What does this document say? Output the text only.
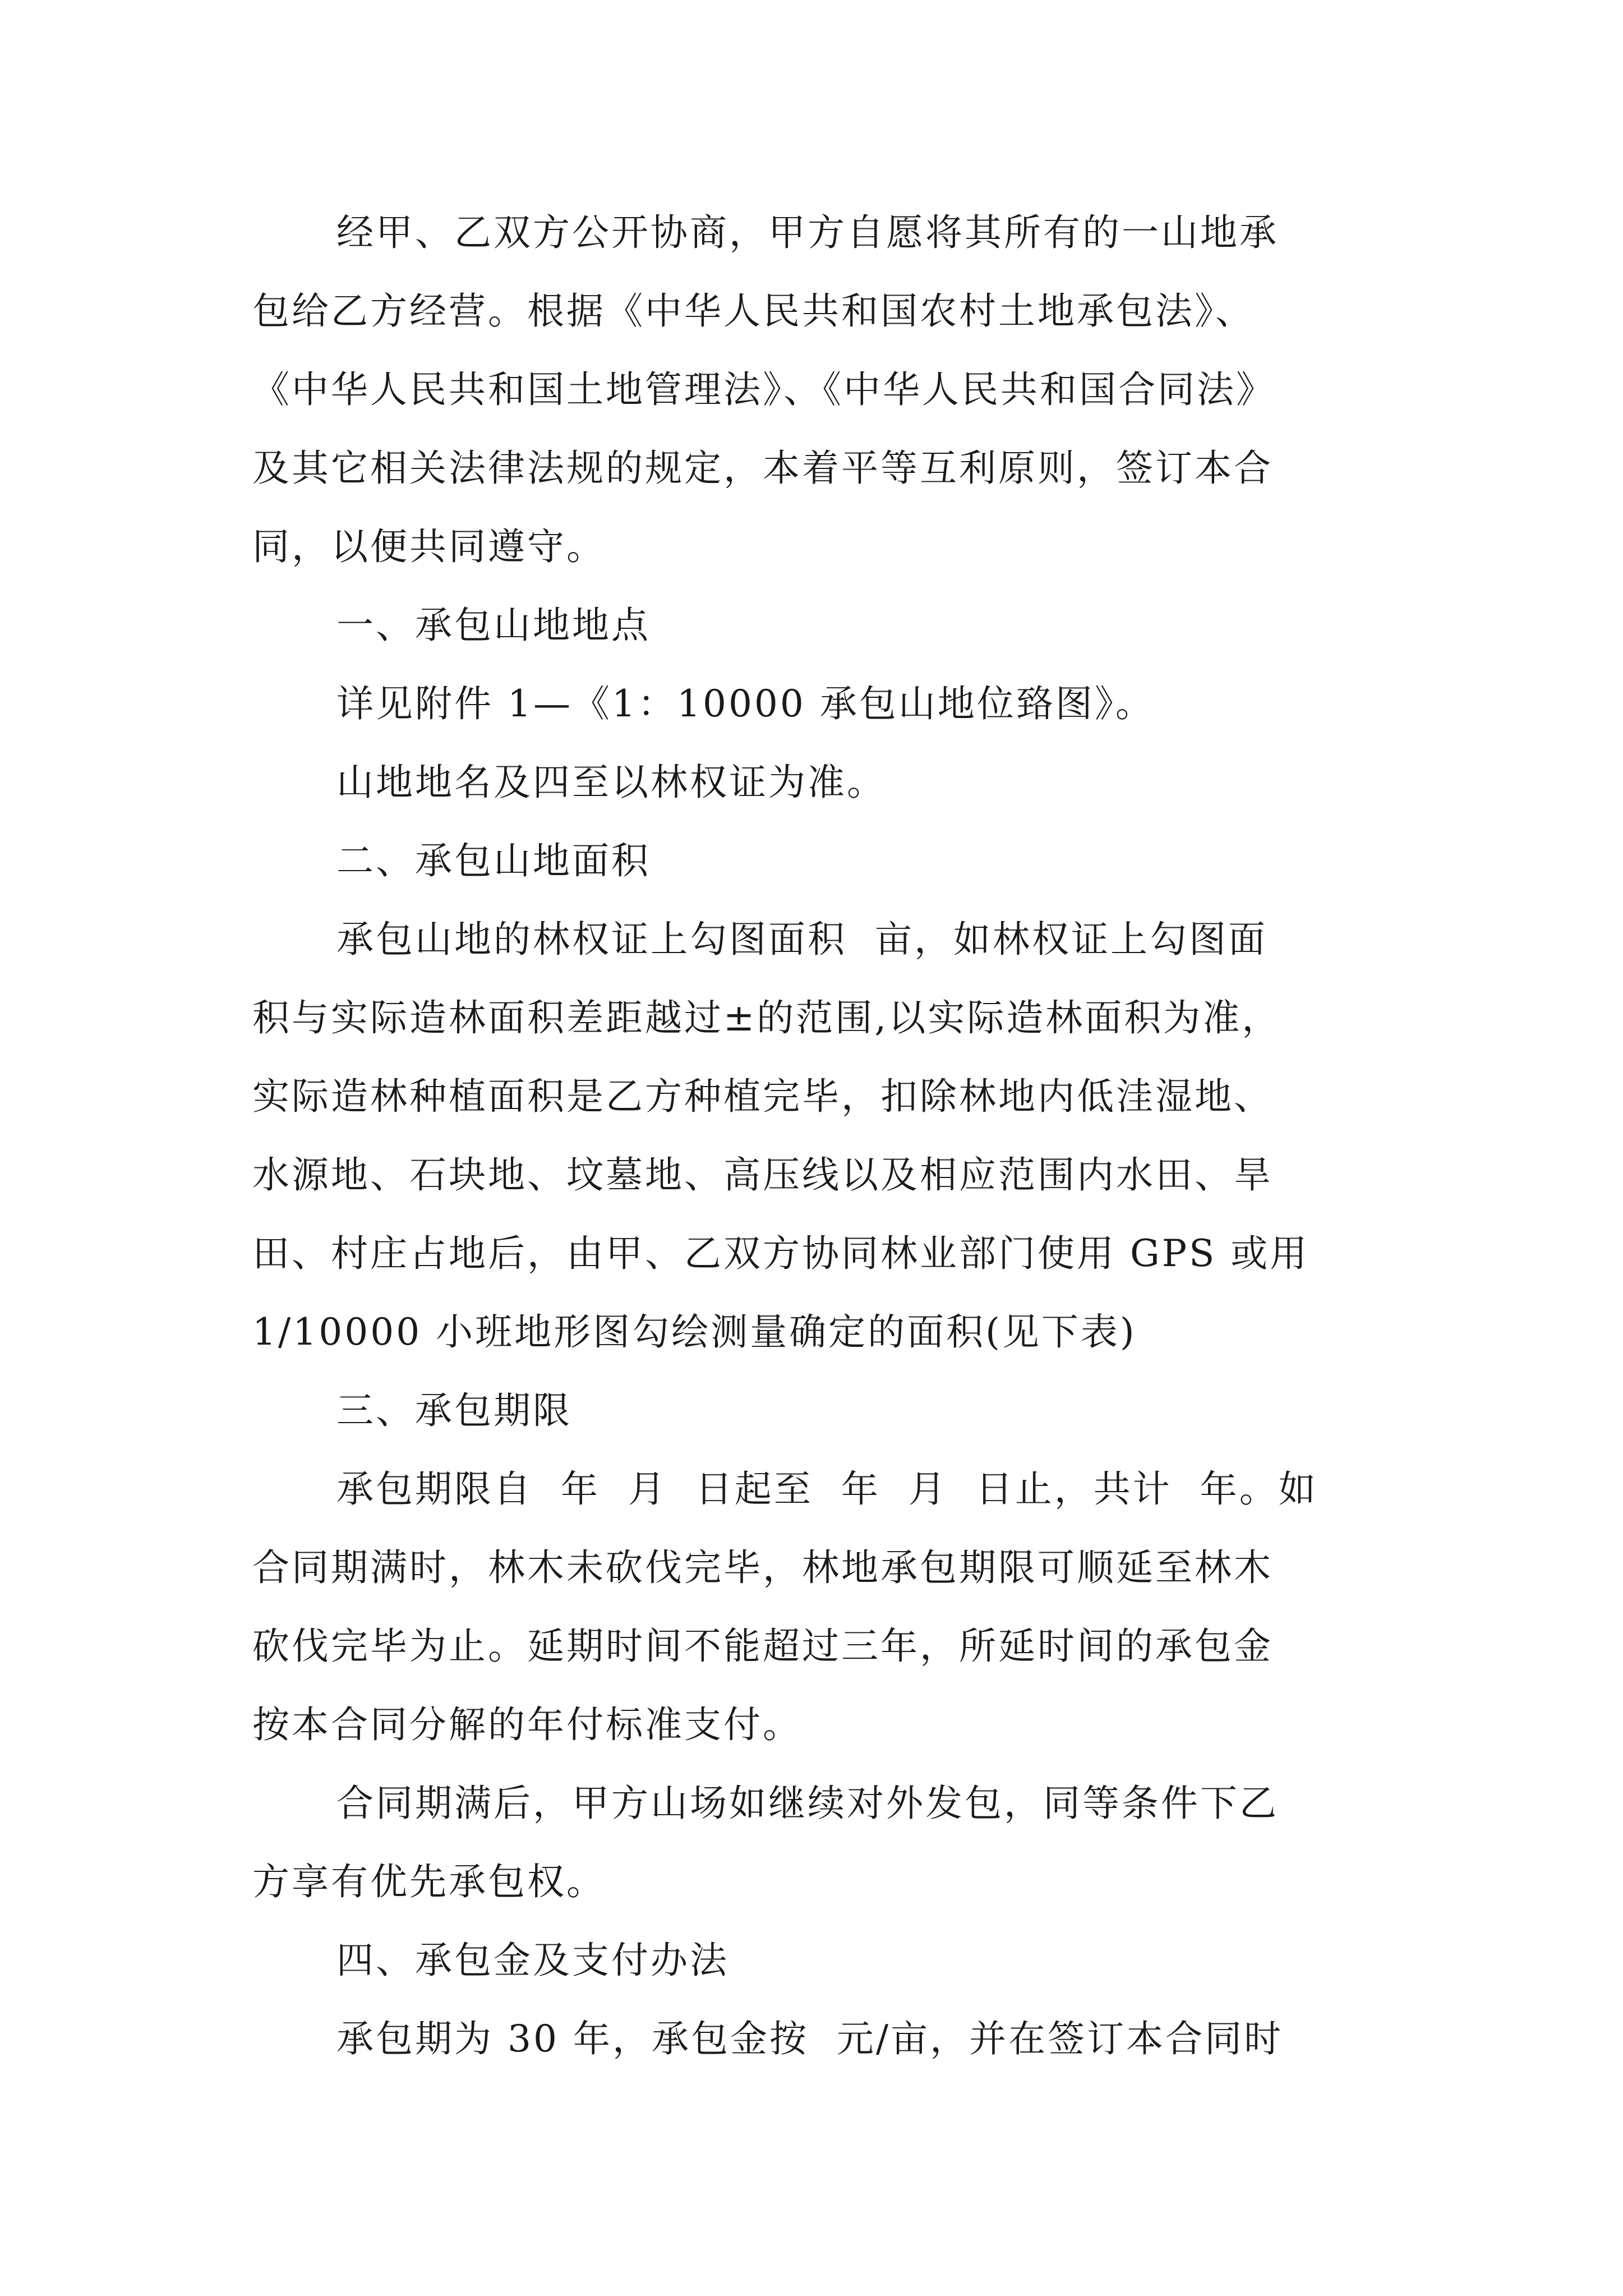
经甲、乙双方公开协商，甲方自愿将其所有的一山地承
包给乙方经营。根据《中华人民共和国农村土地承包法》、
《中华人民共和国土地管理法》、《中华人民共和国合同法》
及其它相关法律法规的规定，本着平等互利原则，签订本合
同，以便共同遵守。
一、承包山地地点
详见附件 1—《1：10000 承包山地位臵图》。
山地地名及四至以林权证为准。
二、承包山地面积
承包山地的林权证上勾图面积  亩，如林权证上勾图面
积与实际造林面积差距越过±的范围,以实际造林面积为准，
实际造林种植面积是乙方种植完毕，扣除林地内低洼湿地、
水源地、石块地、坟墓地、高压线以及相应范围内水田、旱
田、村庄占地后，由甲、乙双方协同林业部门使用 GPS 或用
1/10000 小班地形图勾绘测量确定的面积(见下表)
三、承包期限
承包期限自  年  月  日起至  年  月  日止，共计  年。如
合同期满时，林木未砍伐完毕，林地承包期限可顺延至林木
砍伐完毕为止。延期时间不能超过三年，所延时间的承包金
按本合同分解的年付标准支付。
合同期满后，甲方山场如继续对外发包，同等条件下乙
方享有优先承包权。
四、承包金及支付办法
承包期为 30 年，承包金按  元/亩，并在签订本合同时
